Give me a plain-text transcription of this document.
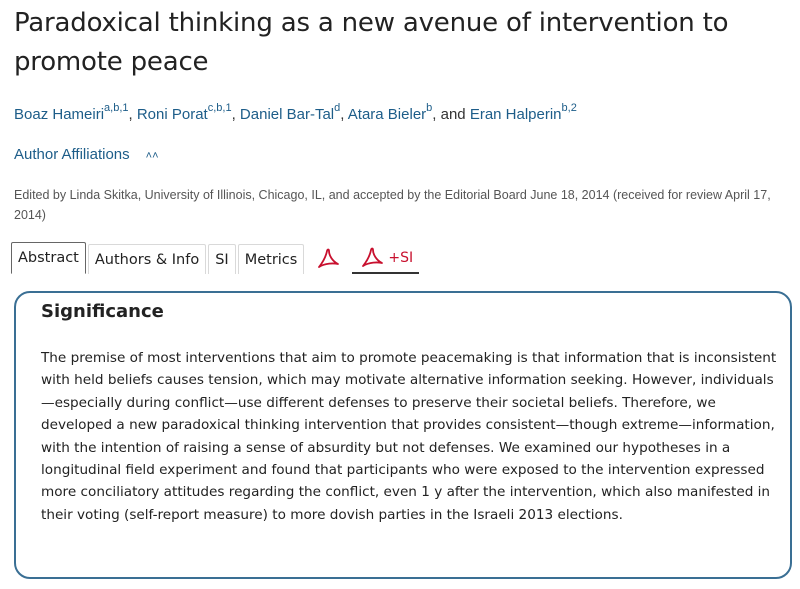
Paradoxical thinking as a new avenue of intervention to promote peace
Boaz Hameiri$^{a,b,1}$, Roni Porat$^{c,b,1}$, Daniel Bar-Tal$^d$, Atara Bieler$^b$, and Eran Halperin$^{b,2}$
Author Affiliations ˄˄

Edited by Linda Skitka, University of Illinois, Chicago, IL, and accepted by the Editorial Board June 18, 2014 (received for review April 17, 2014)

Abstract Authors & Info SI Metrics	+SI
Significance

The premise of most interventions that aim to promote peacemaking is that information that is inconsistent with held beliefs causes tension, which may motivate alternative information seeking. However, individuals—especially during conflict—use different defenses to preserve their societal beliefs. Therefore, we developed a new paradoxical thinking intervention that provides consistent—though extreme—information, with the intention of raising a sense of absurdity but not defenses. We examined our hypotheses in a longitudinal field experiment and found that participants who were exposed to the intervention expressed more conciliatory attitudes regarding the conflict, even 1 y after the intervention, which also manifested in their voting (self-report measure) to more dovish parties in the Israeli 2013 elections.
